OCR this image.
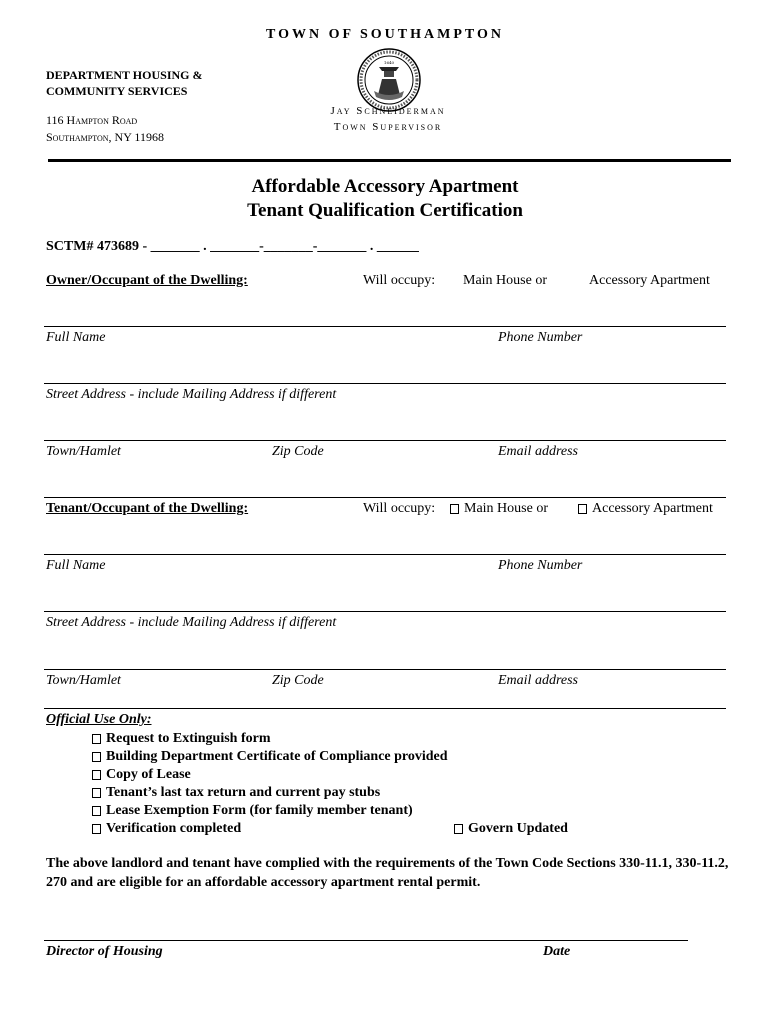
TOWN OF SOUTHAMPTON
DEPARTMENT HOUSING &
COMMUNITY SERVICES
116 Hampton Road
Southampton, NY 11968
1640
Jay Schneiderman
Town Supervisor
Affordable Accessory Apartment
Tenant Qualification Certification
SCTM# 473689 - _______ . _______-_______-_______ . ______
Owner/Occupant of the Dwelling:	Will occupy: Main House or	Accessory Apartment
Full Name	Phone Number
Street Address - include Mailing Address if different
Town/Hamlet	Zip Code	Email address
Tenant/Occupant of the Dwelling:	Will occupy: Main House or	Accessory Apartment
Full Name	Phone Number
Street Address - include Mailing Address if different
Town/Hamlet	Zip Code	Email address
Official Use Only:
Request to Extinguish form
Building Department Certificate of Compliance provided
Copy of Lease
Tenant’s last tax return and current pay stubs
Lease Exemption Form (for family member tenant)
Verification completed	Govern Updated
The above landlord and tenant have complied with the requirements of the Town Code Sections 330-11.1, 330-11.2, 270 and are eligible for an affordable accessory apartment rental permit.
Director of Housing	Date
